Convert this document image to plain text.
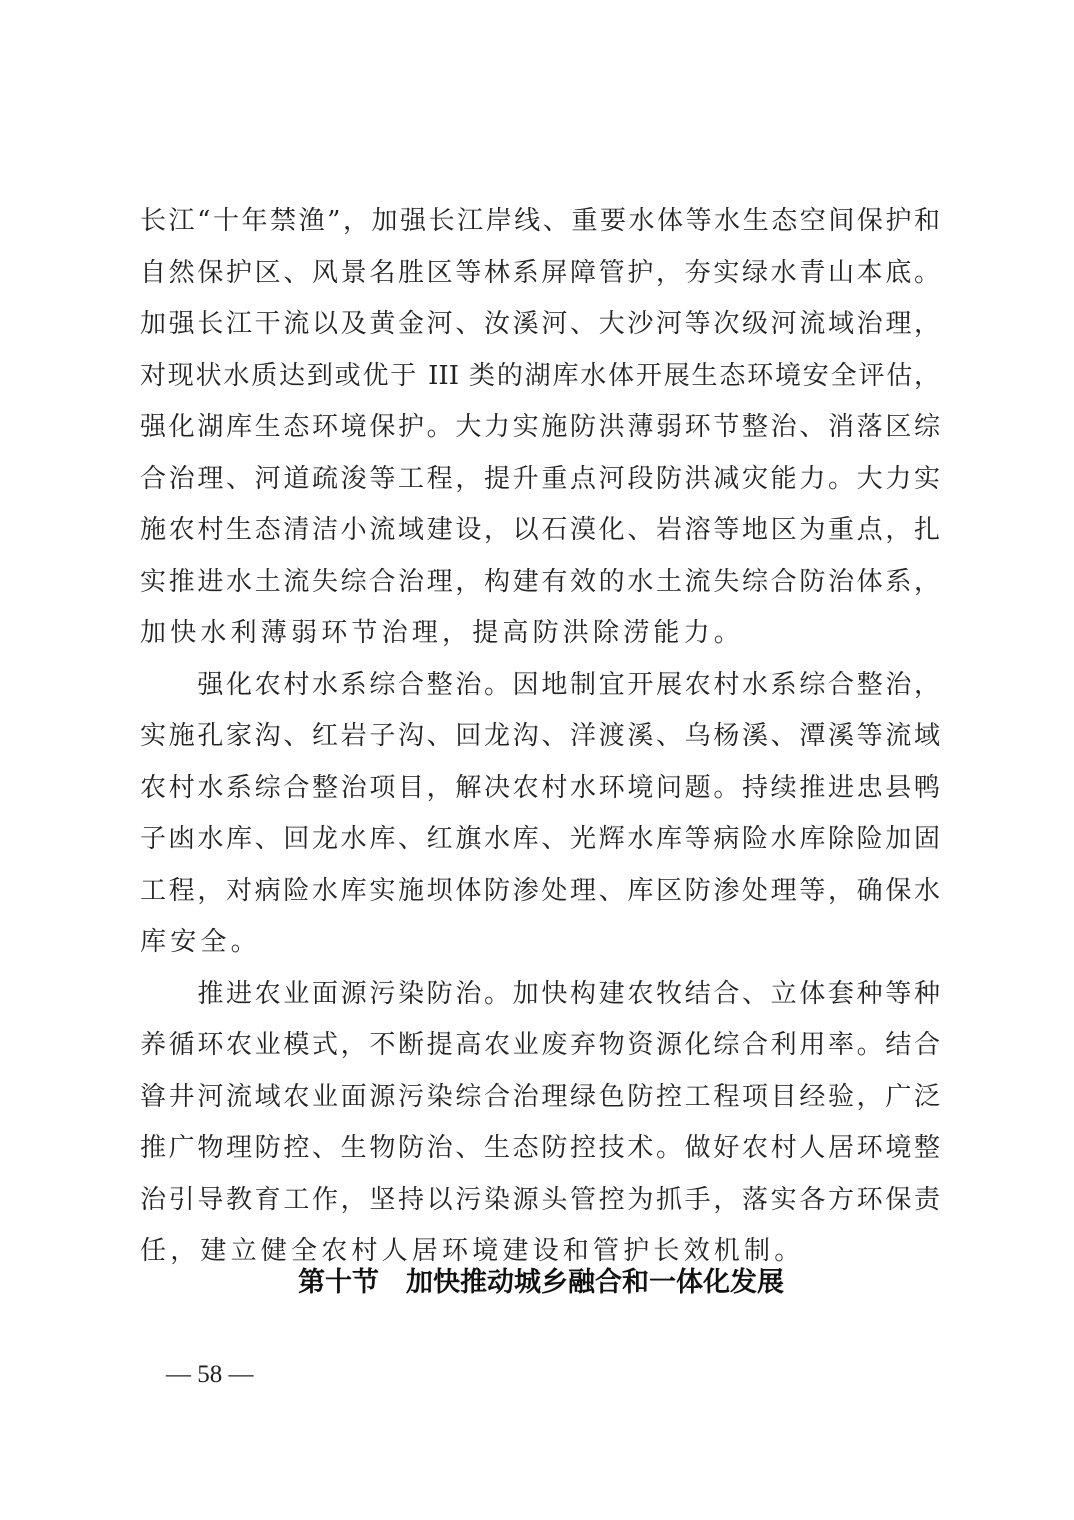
长江“十年禁渔”，加强长江岸线、重要水体等水生态空间保护和
自然保护区、风景名胜区等林系屏障管护，夯实绿水青山本底。
加强长江干流以及黄金河、汝溪河、大沙河等次级河流域治理，
对现状水质达到或优于 III 类的湖库水体开展生态环境安全评估，
强化湖库生态环境保护。大力实施防洪薄弱环节整治、消落区综
合治理、河道疏浚等工程，提升重点河段防洪减灾能力。大力实
施农村生态清洁小流域建设，以石漠化、岩溶等地区为重点，扎
实推进水土流失综合治理，构建有效的水土流失综合防治体系，
加快水利薄弱环节治理，提高防洪除涝能力。
　　强化农村水系综合整治。因地制宜开展农村水系综合整治，
实施孔家沟、红岩子沟、回龙沟、洋渡溪、乌杨溪、潭溪等流域
农村水系综合整治项目，解决农村水环境问题。持续推进忠县鸭
子凼水库、回龙水库、红旗水库、光辉水库等病险水库除险加固
工程，对病险水库实施坝体防渗处理、库区防渗处理等，确保水
库安全。
　　推进农业面源污染防治。加快构建农牧结合、立体套种等种
养循环农业模式，不断提高农业废弃物资源化综合利用率。结合
㽏井河流域农业面源污染综合治理绿色防控工程项目经验，广泛
推广物理防控、生物防治、生态防控技术。做好农村人居环境整
治引导教育工作，坚持以污染源头管控为抓手，落实各方环保责
任，建立健全农村人居环境建设和管护长效机制。
第十节　加快推动城乡融合和一体化发展
— 58 —
